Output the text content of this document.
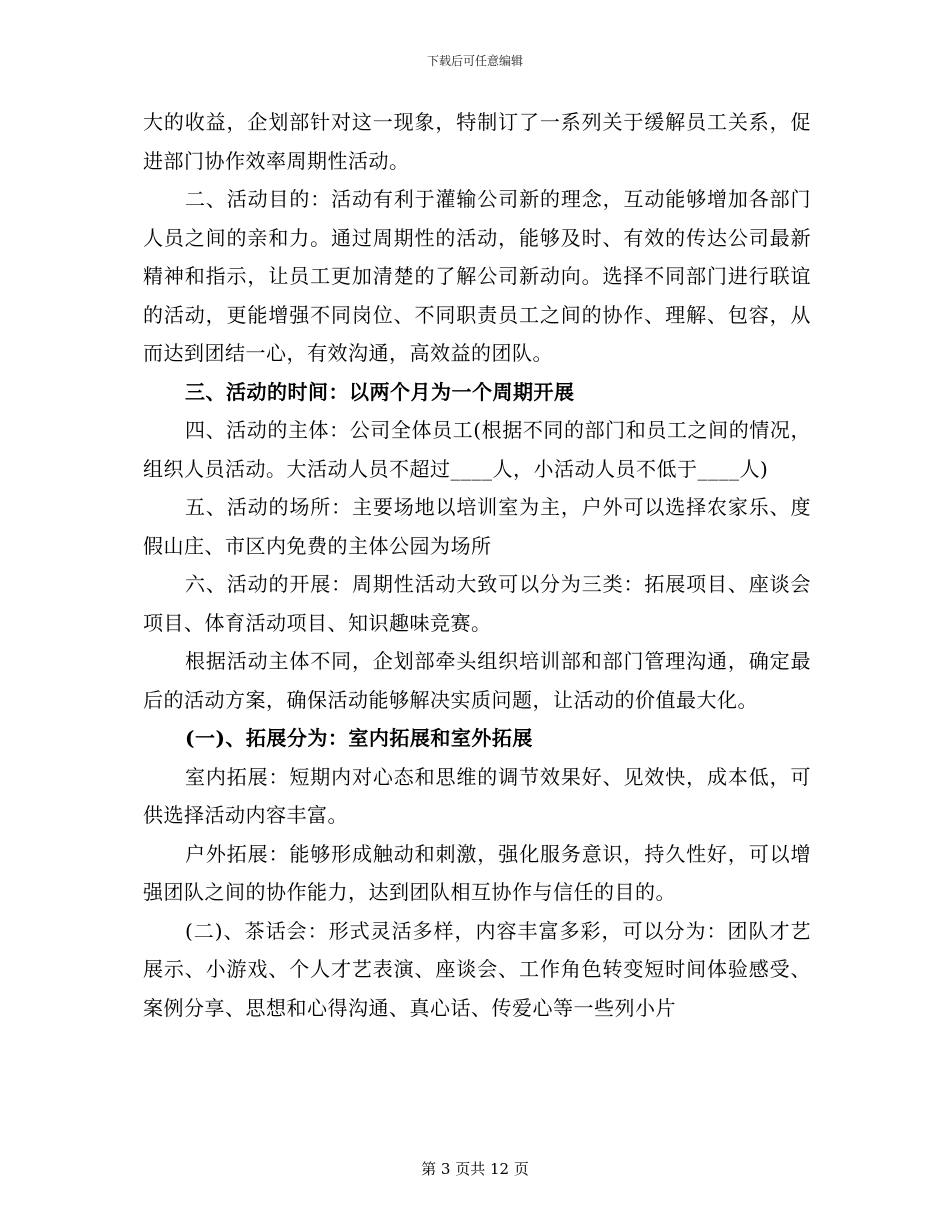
下载后可任意编辑

大的收益，企划部针对这一现象，特制订了一系列关于缓解员工关系，促进部门协作效率周期性活动。

二、活动目的：活动有利于灌输公司新的理念，互动能够增加各部门人员之间的亲和力。通过周期性的活动，能够及时、有效的传达公司最新精神和指示，让员工更加清楚的了解公司新动向。选择不同部门进行联谊的活动，更能增强不同岗位、不同职责员工之间的协作、理解、包容，从而达到团结一心，有效沟通，高效益的团队。

三、活动的时间：以两个月为一个周期开展

四、活动的主体：公司全体员工(根据不同的部门和员工之间的情况，组织人员活动。大活动人员不超过____人，小活动人员不低于____人)

五、活动的场所：主要场地以培训室为主，户外可以选择农家乐、度假山庄、市区内免费的主体公园为场所

六、活动的开展：周期性活动大致可以分为三类：拓展项目、座谈会项目、体育活动项目、知识趣味竞赛。

根据活动主体不同，企划部牵头组织培训部和部门管理沟通，确定最后的活动方案，确保活动能够解决实质问题，让活动的价值最大化。

(一)、拓展分为：室内拓展和室外拓展

室内拓展：短期内对心态和思维的调节效果好、见效快，成本低，可供选择活动内容丰富。

户外拓展：能够形成触动和刺激，强化服务意识，持久性好，可以增强团队之间的协作能力，达到团队相互协作与信任的目的。

(二)、茶话会：形式灵活多样，内容丰富多彩，可以分为：团队才艺展示、小游戏、个人才艺表演、座谈会、工作角色转变短时间体验感受、案例分享、思想和心得沟通、真心话、传爱心等一些列小片

第 3 页共 12 页
